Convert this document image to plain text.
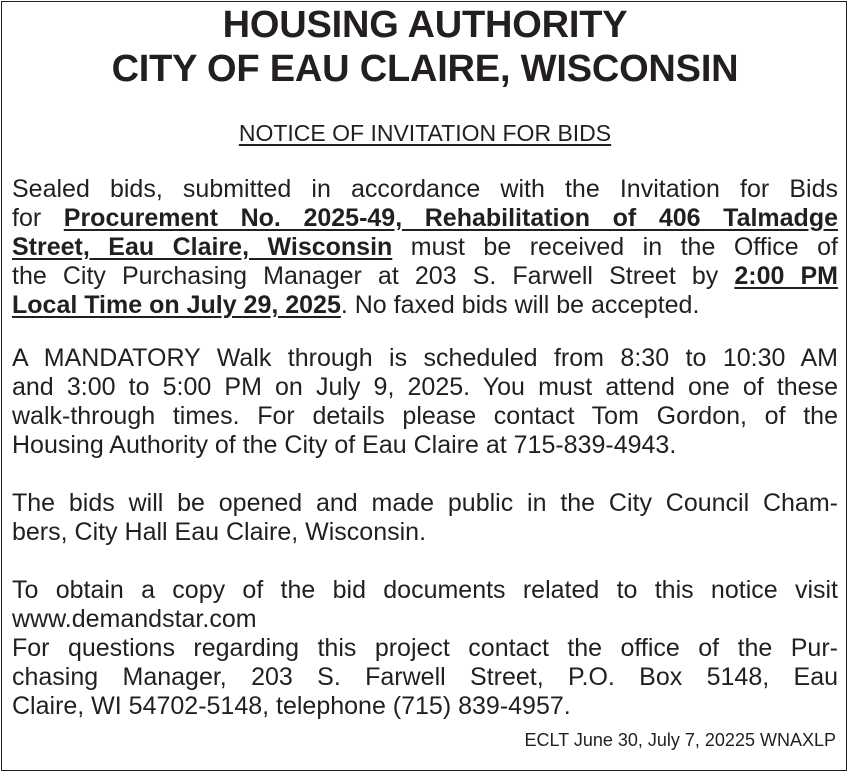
HOUSING AUTHORITY
CITY OF EAU CLAIRE, WISCONSIN
NOTICE OF INVITATION FOR BIDS
Sealed bids, submitted in accordance with the Invitation for Bids
for Procurement No. 2025-49, Rehabilitation of 406 Talmadge
Street, Eau Claire, Wisconsin must be received in the Office of
the City Purchasing Manager at 203 S. Farwell Street by 2:00 PM
Local Time on July 29, 2025. No faxed bids will be accepted.
A MANDATORY Walk through is scheduled from 8:30 to 10:30 AM
and 3:00 to 5:00 PM on July 9, 2025. You must attend one of these
walk-through times. For details please contact Tom Gordon, of the
Housing Authority of the City of Eau Claire at 715-839-4943.
The bids will be opened and made public in the City Council Cham-
bers, City Hall Eau Claire, Wisconsin.
To obtain a copy of the bid documents related to this notice visit
www.demandstar.com
For questions regarding this project contact the office of the Pur-
chasing Manager, 203 S. Farwell Street, P.O. Box 5148, Eau
Claire, WI 54702-5148, telephone (715) 839-4957.
ECLT June 30, July 7, 20225 WNAXLP
